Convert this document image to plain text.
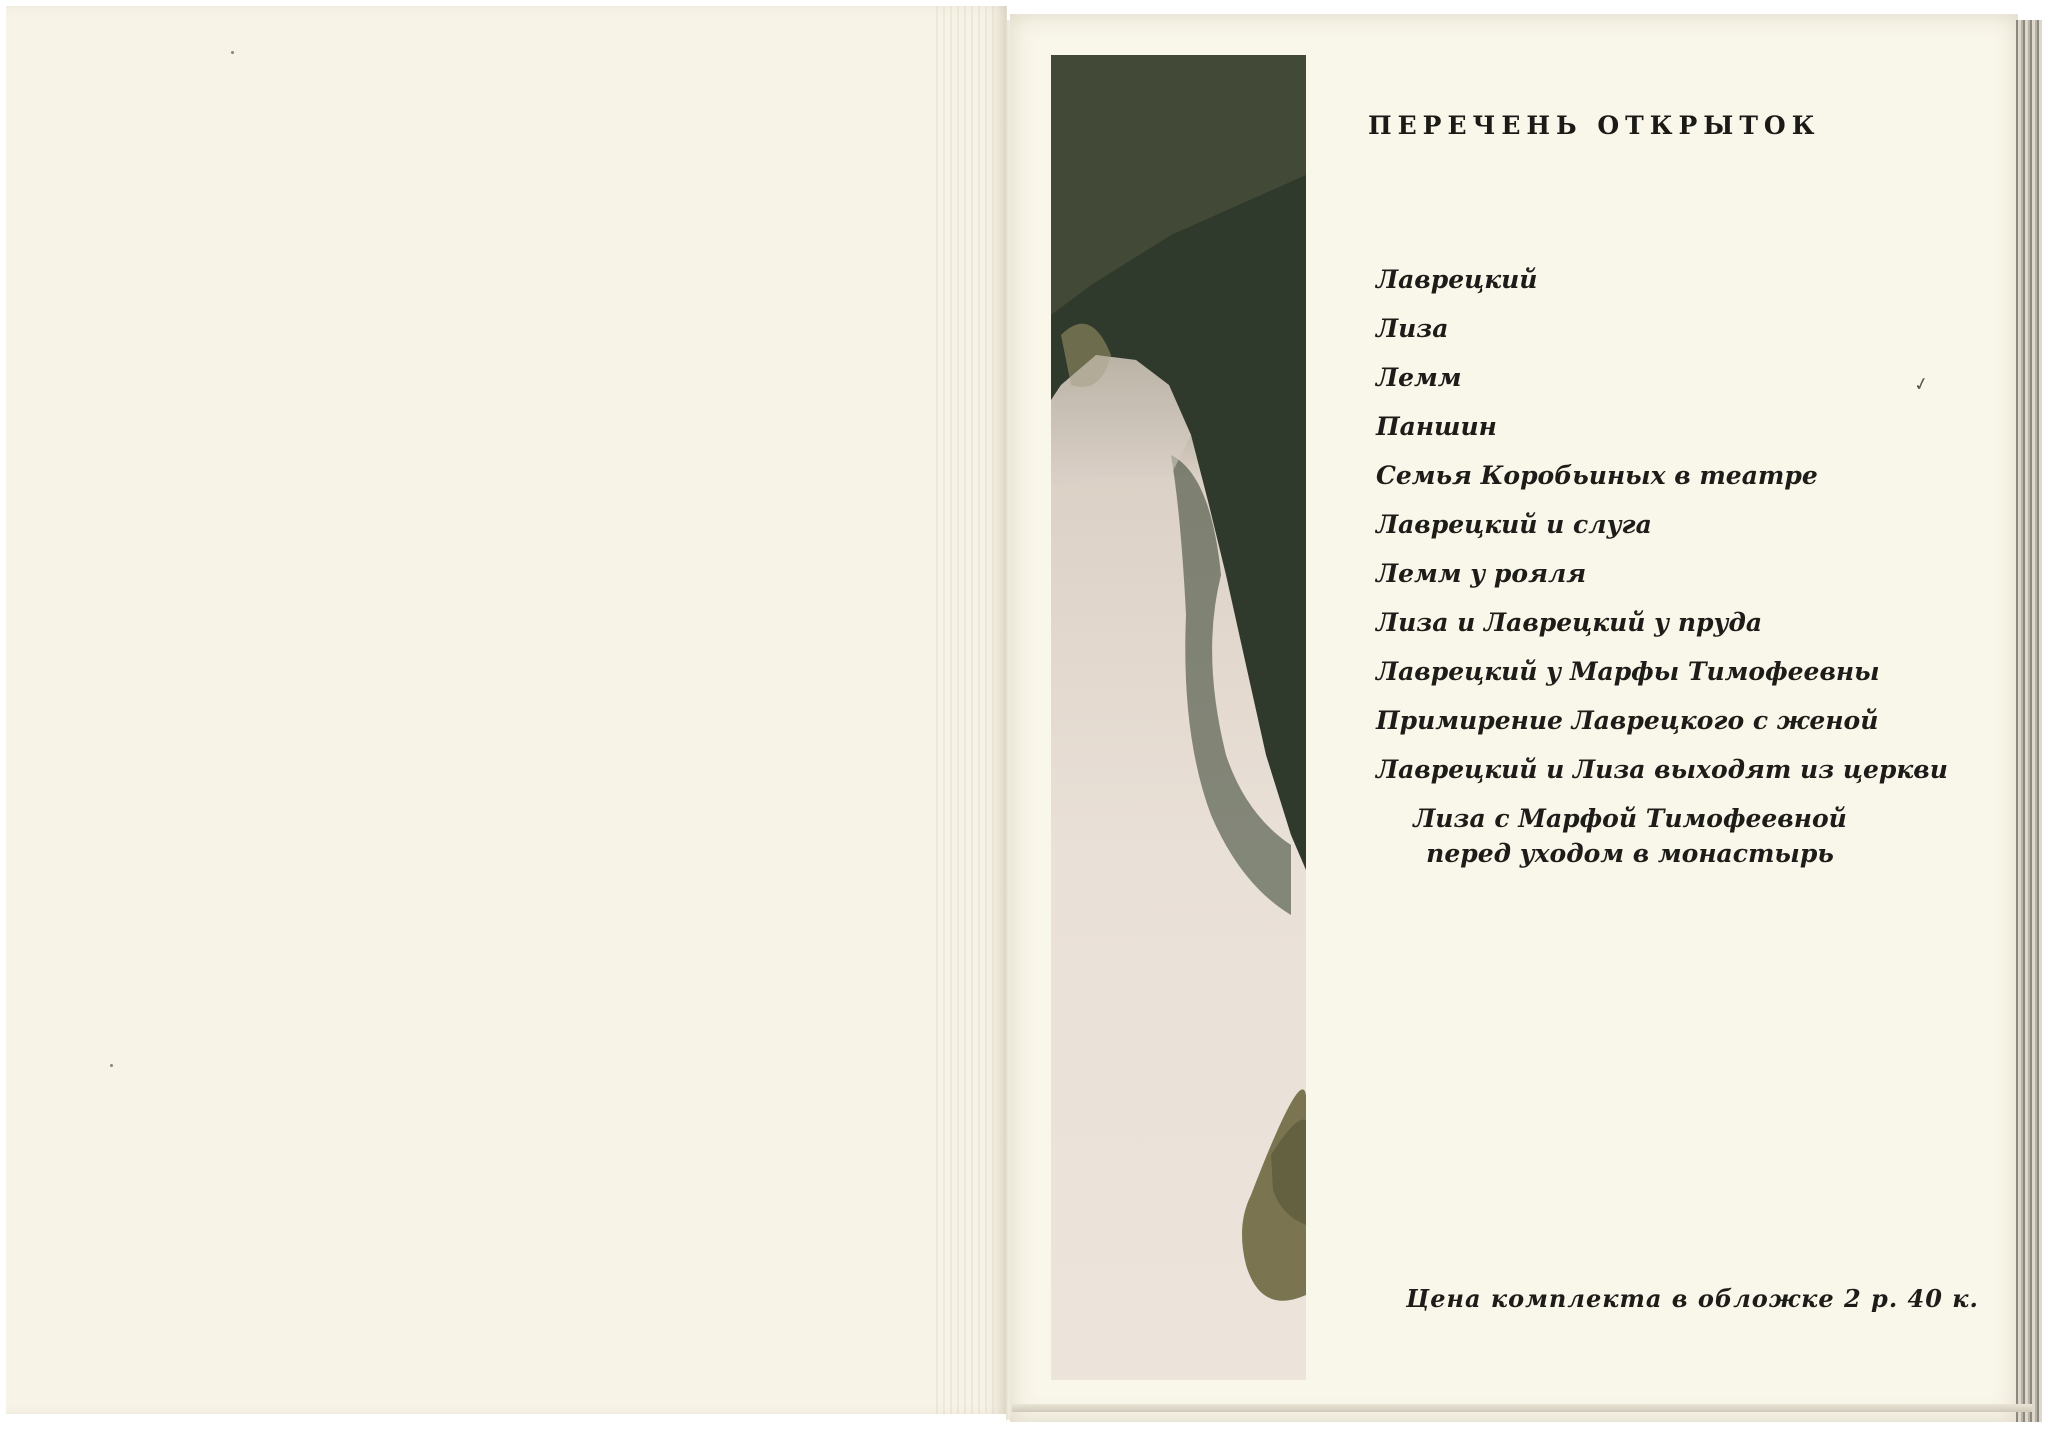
ПЕРЕЧЕНЬ ОТКРЫТОК
Лаврецкий
Лиза
Лемм
Паншин
Семья Коробьиных в театре
Лаврецкий и слуга
Лемм у рояля
Лиза и Лаврецкий у пруда
Лаврецкий у Марфы Тимофеевны
Примирение Лаврецкого с женой
Лаврецкий и Лиза выходят из церкви
Лиза с Марфой Тимофеевной перед уходом в монастырь
✓
Цена комплекта в обложке 2 р. 40 к.
